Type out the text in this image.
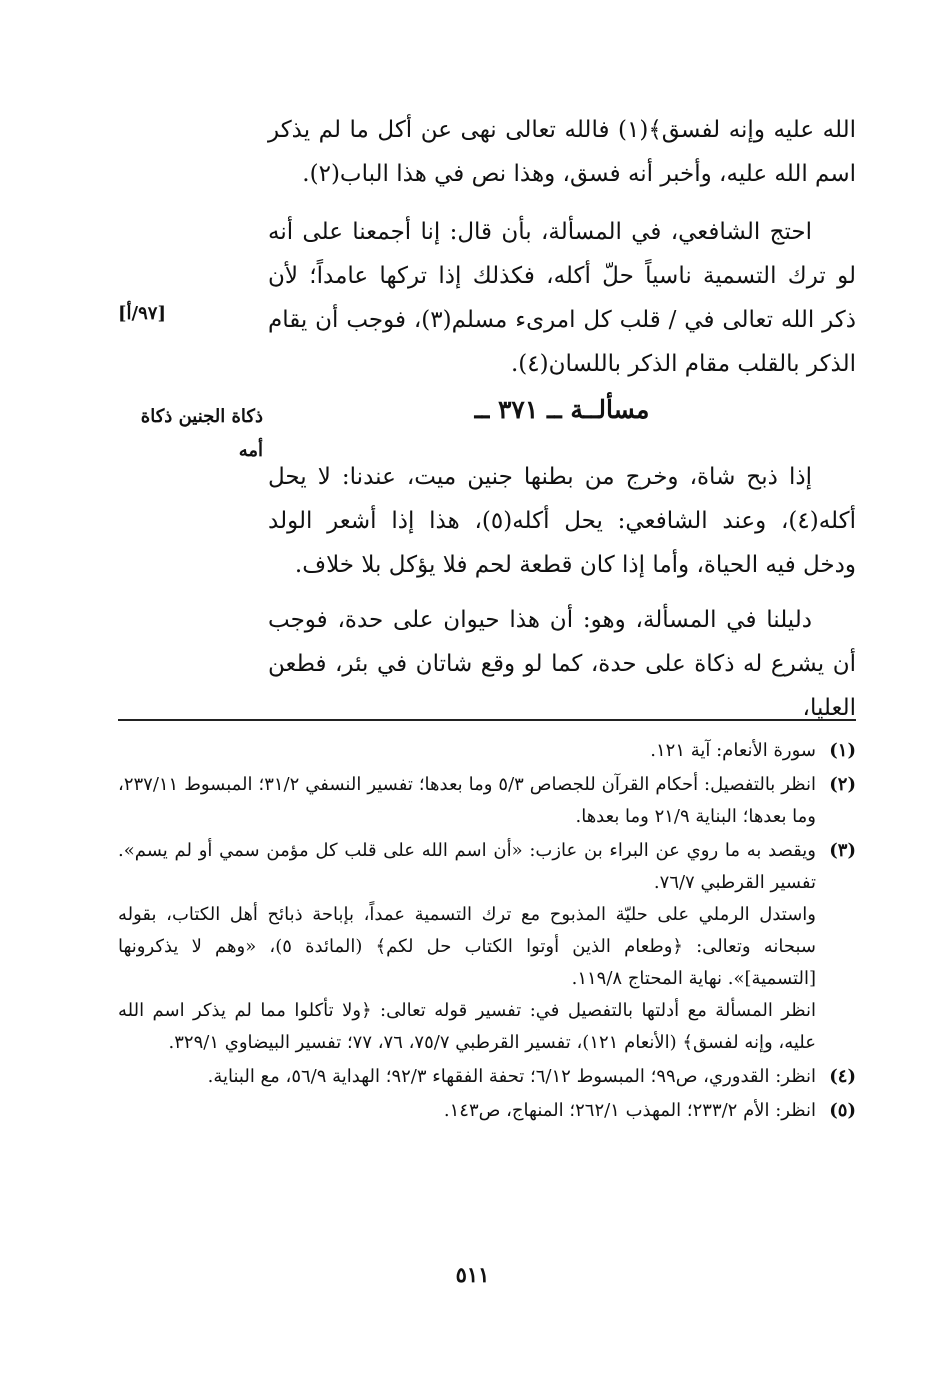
الله عليه وإنه لفسق﴾(١) فالله تعالى نهى عن أكل ما لم يذكر اسم الله عليه، وأخبر أنه فسق، وهذا نص في هذا الباب(٢).

احتج الشافعي، في المسألة، بأن قال: إنا أجمعنا على أنه لو ترك التسمية ناسياً حلّ أكله، فكذلك إذا تركها عامداً؛ لأن ذكر الله تعالى في / قلب كل امرىء مسلم(٣)، فوجب أن يقام الذكر بالقلب مقام الذكر باللسان(٤).

[٩٧/أ]
ذكاة الجنين ذكاة
أمه
مسألــة ــ ٣٧١ ــ

إذا ذبح شاة، وخرج من بطنها جنين ميت، عندنا: لا يحل أكله(٤)، وعند الشافعي: يحل أكله(٥)، هذا إذا أشعر الولد ودخل فيه الحياة، وأما إذا كان قطعة لحم فلا يؤكل بلا خلاف.

دليلنا في المسألة، وهو: أن هذا حيوان على حدة، فوجب أن يشرع له ذكاة على حدة، كما لو وقع شاتان في بئر، فطعن العليا،

(١)

سورة الأنعام: آية ١٢١.

(٢)

انظر بالتفصيل: أحكام القرآن للجصاص ٥/٣ وما بعدها؛ تفسير النسفي ٣١/٢؛ المبسوط ٢٣٧/١١، وما بعدها؛ البناية ٢١/٩ وما بعدها.

(٣)

ويقصد به ما روي عن البراء بن عازب: «أن اسم الله على قلب كل مؤمن سمي أو لم يسم». تفسير القرطبي ٧٦/٧.

واستدل الرملي على حليّة المذبوح مع ترك التسمية عمداً، بإباحة ذبائح أهل الكتاب، بقوله سبحانه وتعالى: ﴿وطعام الذين أوتوا الكتاب حل لكم﴾ (المائدة ٥)، «وهم لا يذكرونها [التسمية]». نهاية المحتاج ١١٩/٨.

انظر المسألة مع أدلتها بالتفصيل في: تفسير قوله تعالى: ﴿ولا تأكلوا مما لم يذكر اسم الله عليه، وإنه لفسق﴾ (الأنعام ١٢١)، تفسير القرطبي ٧٥/٧، ٧٦، ٧٧؛ تفسير البيضاوي ٣٢٩/١.

(٤)

انظر: القدوري، ص٩٩؛ المبسوط ٦/١٢؛ تحفة الفقهاء ٩٢/٣؛ الهداية ٥٦/٩، مع البناية.

(٥)

انظر: الأم ٢٣٣/٢؛ المهذب ٢٦٢/١؛ المنهاج، ص١٤٣.

٥١١
